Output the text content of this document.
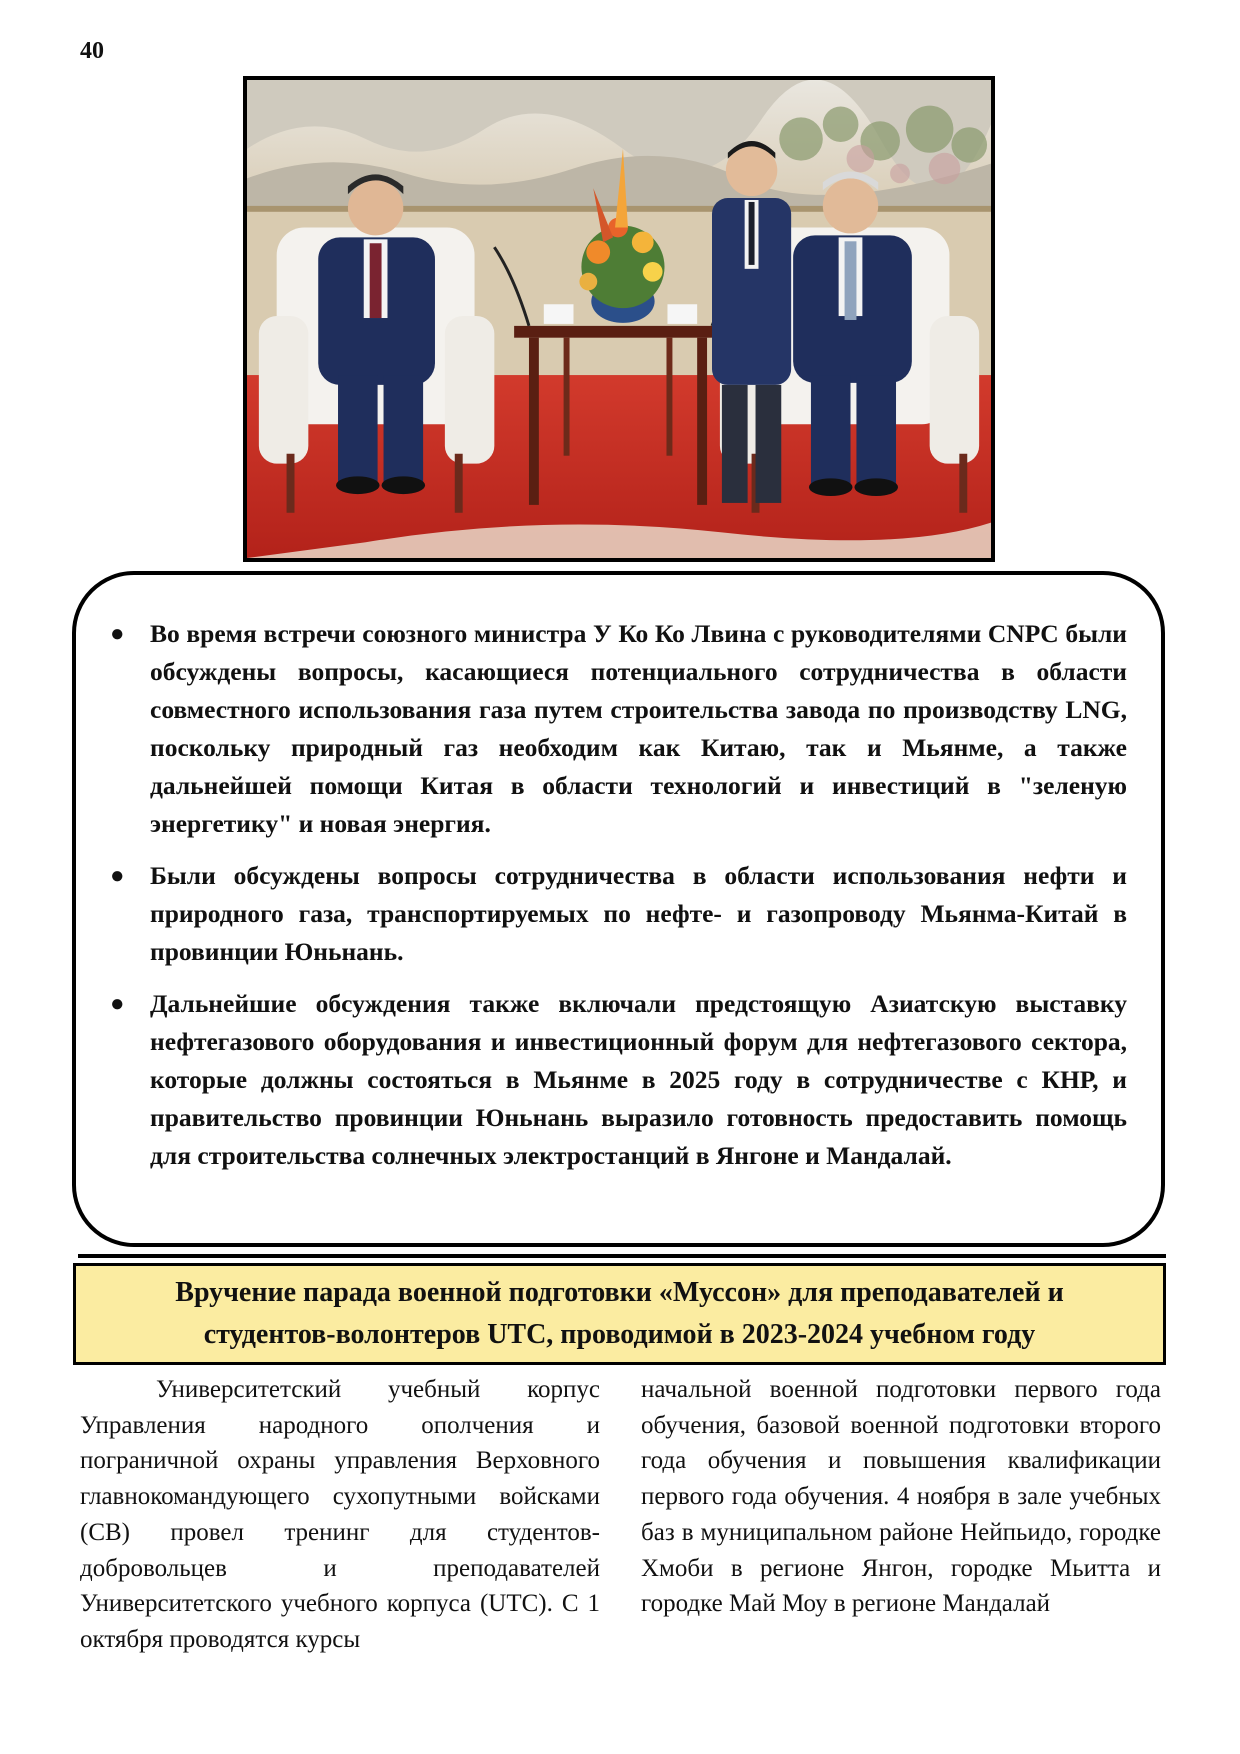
40
● Во время встречи союзного министра У Ко Ко Лвина с руководителями CNPC были обсуждены вопросы, касающиеся потенциального сотрудничества в области совместного использования газа путем строительства завода по производству LNG, поскольку природный газ необходим как Китаю, так и Мьянме, а также дальнейшей помощи Китая в области технологий и инвестиций в "зеленую энергетику" и новая энергия.
● Были обсуждены вопросы сотрудничества в области использования нефти и природного газа, транспортируемых по нефте- и газопроводу Мьянма-Китай в провинции Юньнань.
● Дальнейшие обсуждения также включали предстоящую Азиатскую выставку нефтегазового оборудования и инвестиционный форум для нефтегазового сектора, которые должны состояться в Мьянме в 2025 году в сотрудничестве с КНР, и правительство провинции Юньнань выразило готовность предоставить помощь для строительства солнечных электростанций в Янгоне и Мандалай.
Вручение парада военной подготовки «Муссон» для преподавателей и
студентов-волонтеров UTC, проводимой в 2023-2024 учебном году

Университетский учебный корпус Управления народного ополчения и пограничной охраны управления Верховного главнокомандующего сухопутными войсками (СВ) провел тренинг для студентов-добровольцев и преподавателей Университетского учебного корпуса (UTC). С 1 октября проводятся курсы

начальной военной подготовки первого года обучения, базовой военной подготовки второго года обучения и повышения квалификации первого года обучения. 4 ноября в зале учебных баз в муниципальном районе Нейпьидо, городке Хмоби в регионе Янгон, городке Мьитта и городке Май Моу в регионе Мандалай
